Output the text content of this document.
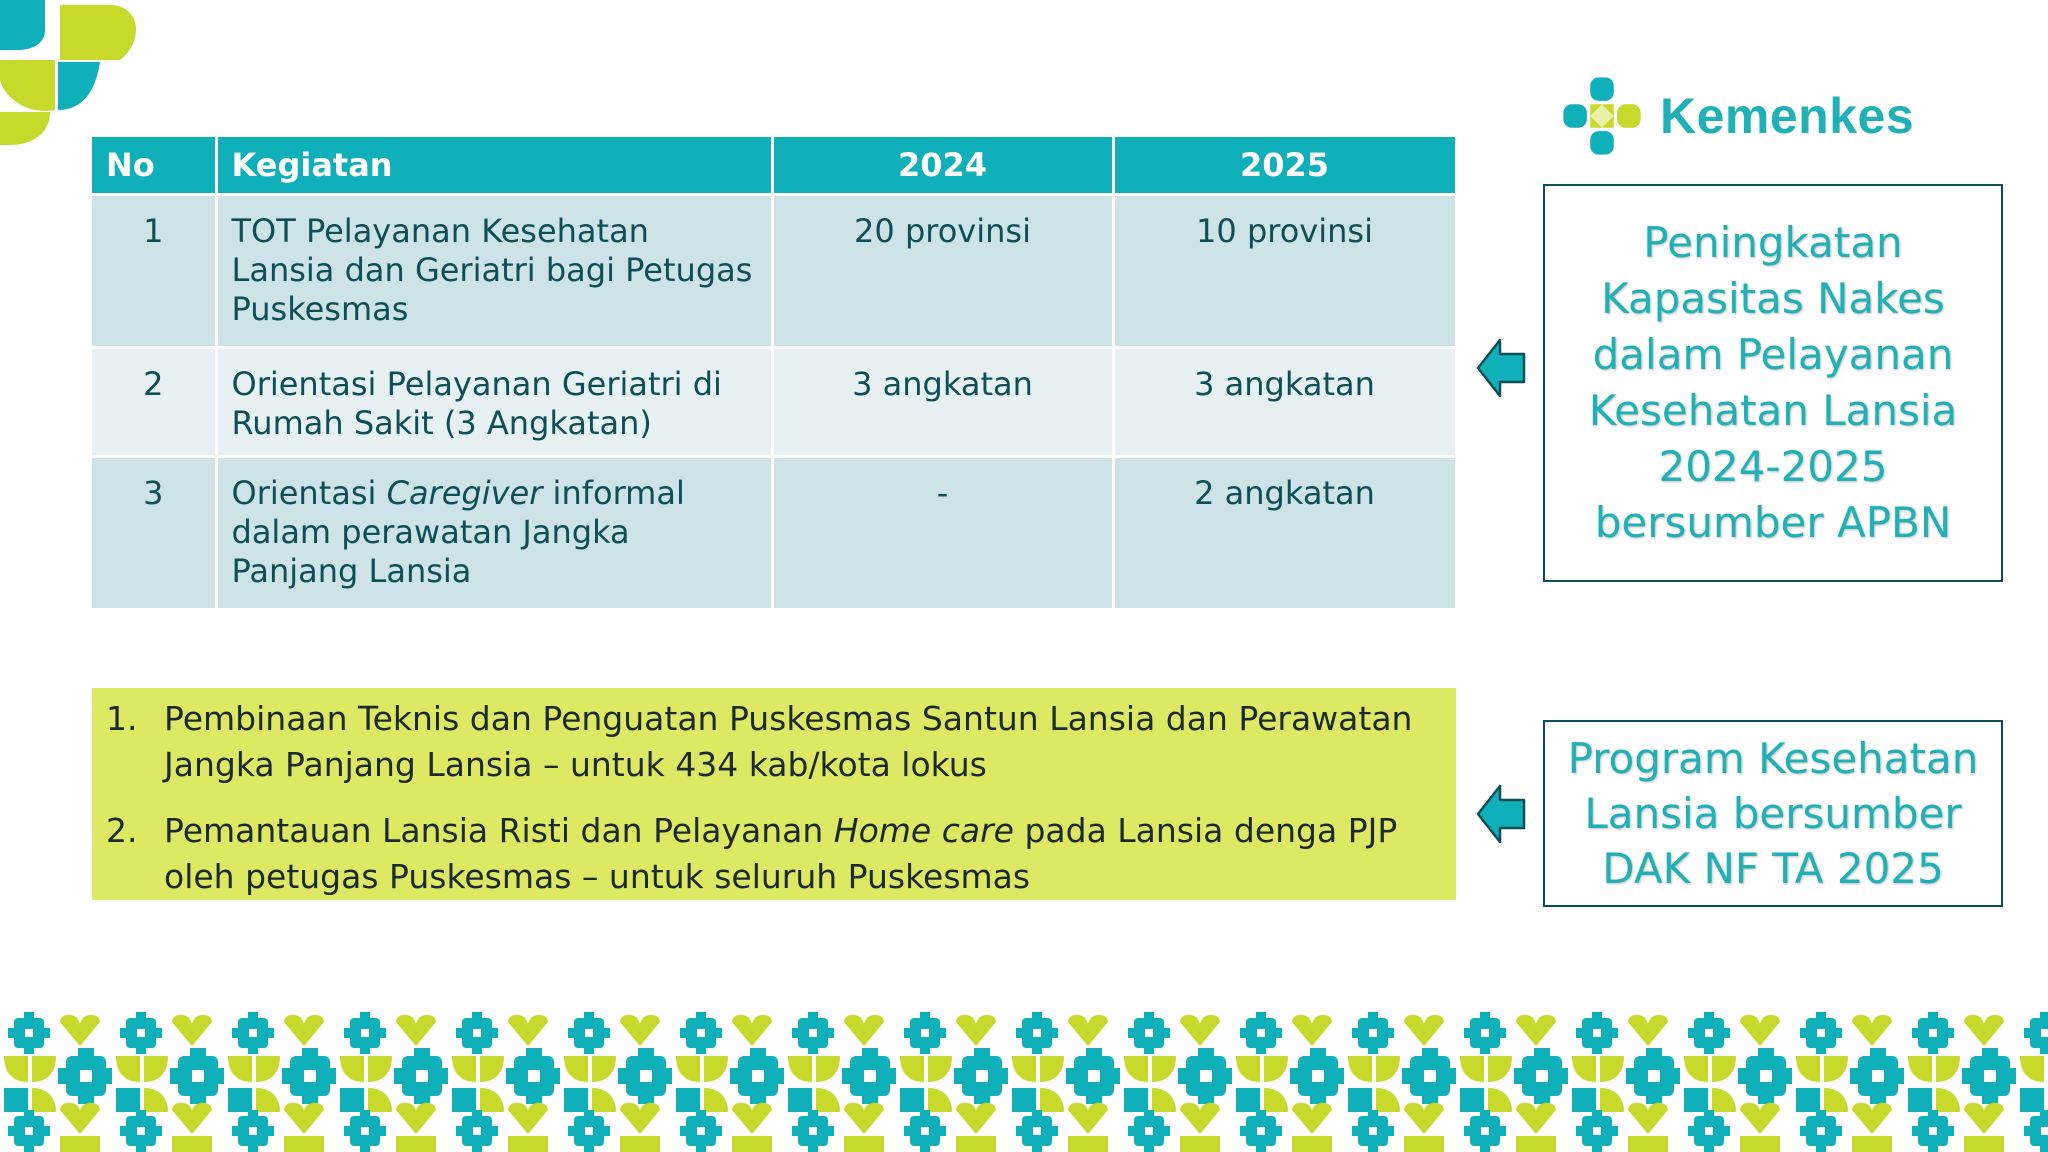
Kemenkes
No	Kegiatan	2024	2025
1	TOT Pelayanan Kesehatan Lansia dan Geriatri bagi Petugas Puskesmas	20 provinsi	10 provinsi
2	Orientasi Pelayanan Geriatri di Rumah Sakit (3 Angkatan)	3 angkatan	3 angkatan
3	Orientasi Caregiver informal dalam perawatan Jangka Panjang Lansia	-	2 angkatan
1. Pembinaan Teknis dan Penguatan Puskesmas Santun Lansia dan Perawatan Jangka Panjang Lansia – untuk 434 kab/kota lokus
2. Pemantauan Lansia Risti dan Pelayanan Home care pada Lansia denga PJP oleh petugas Puskesmas – untuk seluruh Puskesmas
Peningkatan Kapasitas Nakes dalam Pelayanan Kesehatan Lansia 2024-2025 bersumber APBN
Program Kesehatan Lansia bersumber DAK NF TA 2025
